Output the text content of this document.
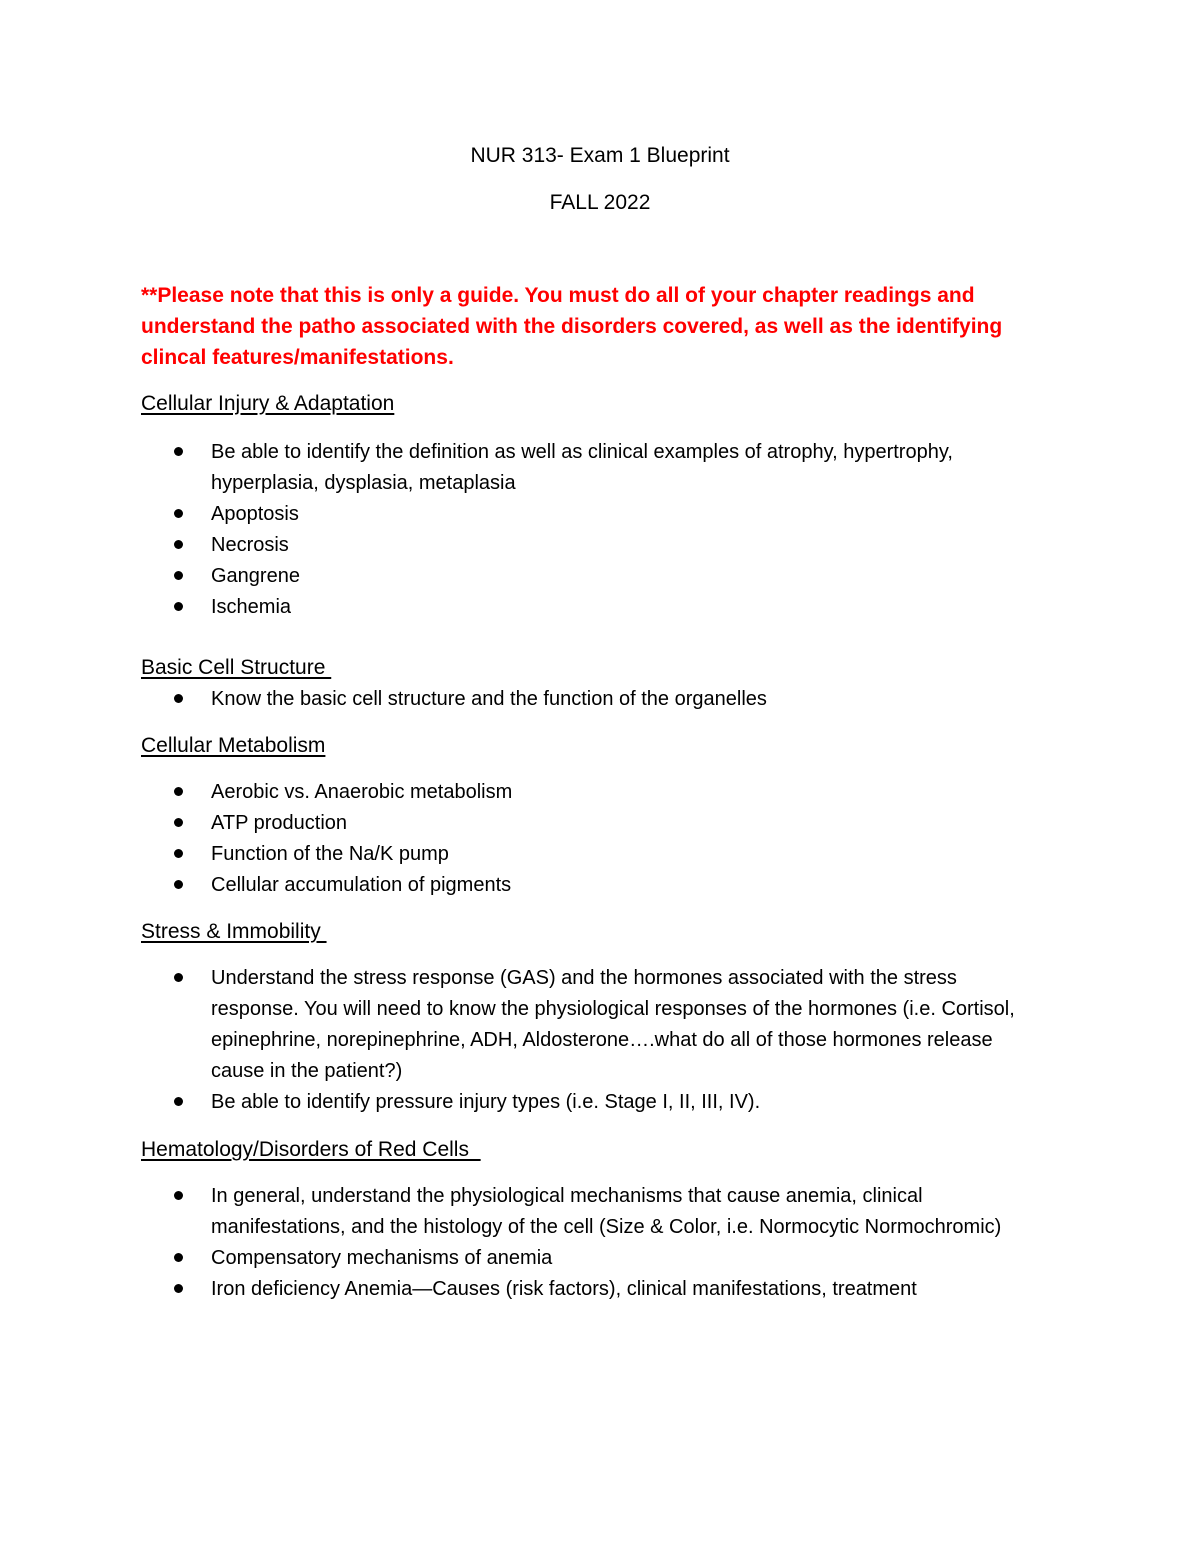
NUR 313- Exam 1 Blueprint
FALL 2022
**Please note that this is only a guide. You must do all of your chapter readings and understand the patho associated with the disorders covered, as well as the identifying clincal features/manifestations.
Cellular Injury & Adaptation
Be able to identify the definition as well as clinical examples of atrophy, hypertrophy, hyperplasia, dysplasia, metaplasia
Apoptosis
Necrosis
Gangrene
Ischemia
Basic Cell Structure
Know the basic cell structure and the function of the organelles
Cellular Metabolism
Aerobic vs. Anaerobic metabolism
ATP production
Function of the Na/K pump
Cellular accumulation of pigments
Stress & Immobility
Understand the stress response (GAS) and the hormones associated with the stress response. You will need to know the physiological responses of the hormones (i.e. Cortisol, epinephrine, norepinephrine, ADH, Aldosterone….what do all of those hormones release cause in the patient?)
Be able to identify pressure injury types (i.e. Stage I, II, III, IV).
Hematology/Disorders of Red Cells
In general, understand the physiological mechanisms that cause anemia, clinical manifestations, and the histology of the cell (Size & Color, i.e. Normocytic Normochromic)
Compensatory mechanisms of anemia
Iron deficiency Anemia—Causes (risk factors), clinical manifestations, treatment
